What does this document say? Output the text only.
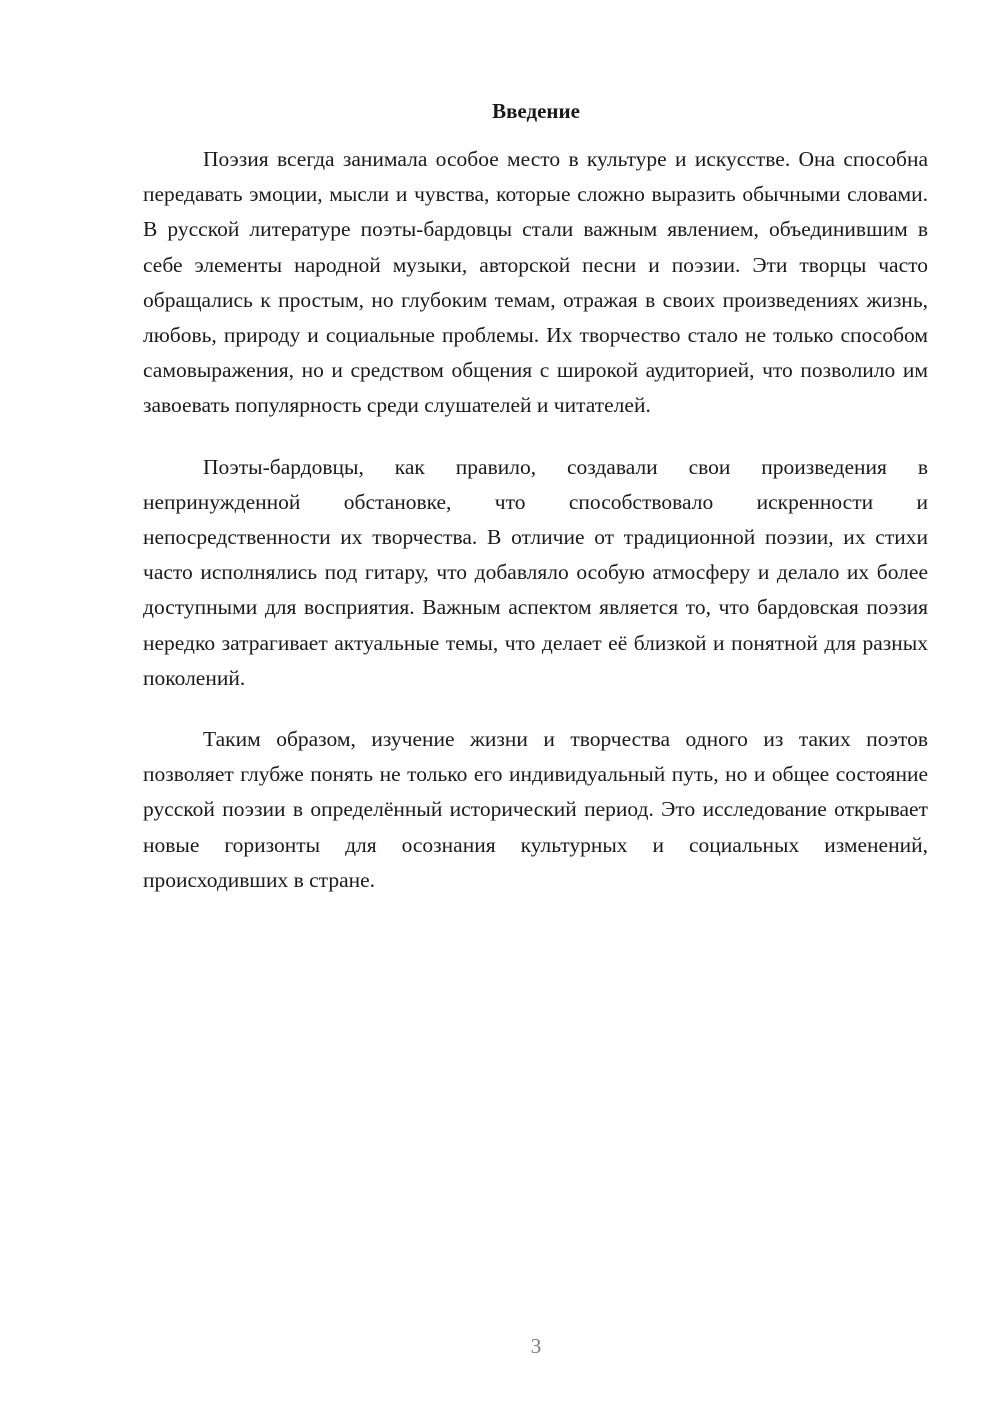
Введение

Поэзия всегда занимала особое место в культуре и искусстве. Она способна передавать эмоции, мысли и чувства, которые сложно выразить обычными словами. В русской литературе поэты-бардовцы стали важным явлением, объединившим в себе элементы народной музыки, авторской песни и поэзии. Эти творцы часто обращались к простым, но глубоким темам, отражая в своих произведениях жизнь, любовь, природу и социальные проблемы. Их творчество стало не только способом самовыражения, но и средством общения с широкой аудиторией, что позволило им завоевать популярность среди слушателей и читателей.

Поэты-бардовцы, как правило, создавали свои произведения в непринужденной обстановке, что способствовало искренности и непосредственности их творчества. В отличие от традиционной поэзии, их стихи часто исполнялись под гитару, что добавляло особую атмосферу и делало их более доступными для восприятия. Важным аспектом является то, что бардовская поэзия нередко затрагивает актуальные темы, что делает её близкой и понятной для разных поколений.

Таким образом, изучение жизни и творчества одного из таких поэтов позволяет глубже понять не только его индивидуальный путь, но и общее состояние русской поэзии в определённый исторический период. Это исследование открывает новые горизонты для осознания культурных и социальных изменений, происходивших в стране.

3
